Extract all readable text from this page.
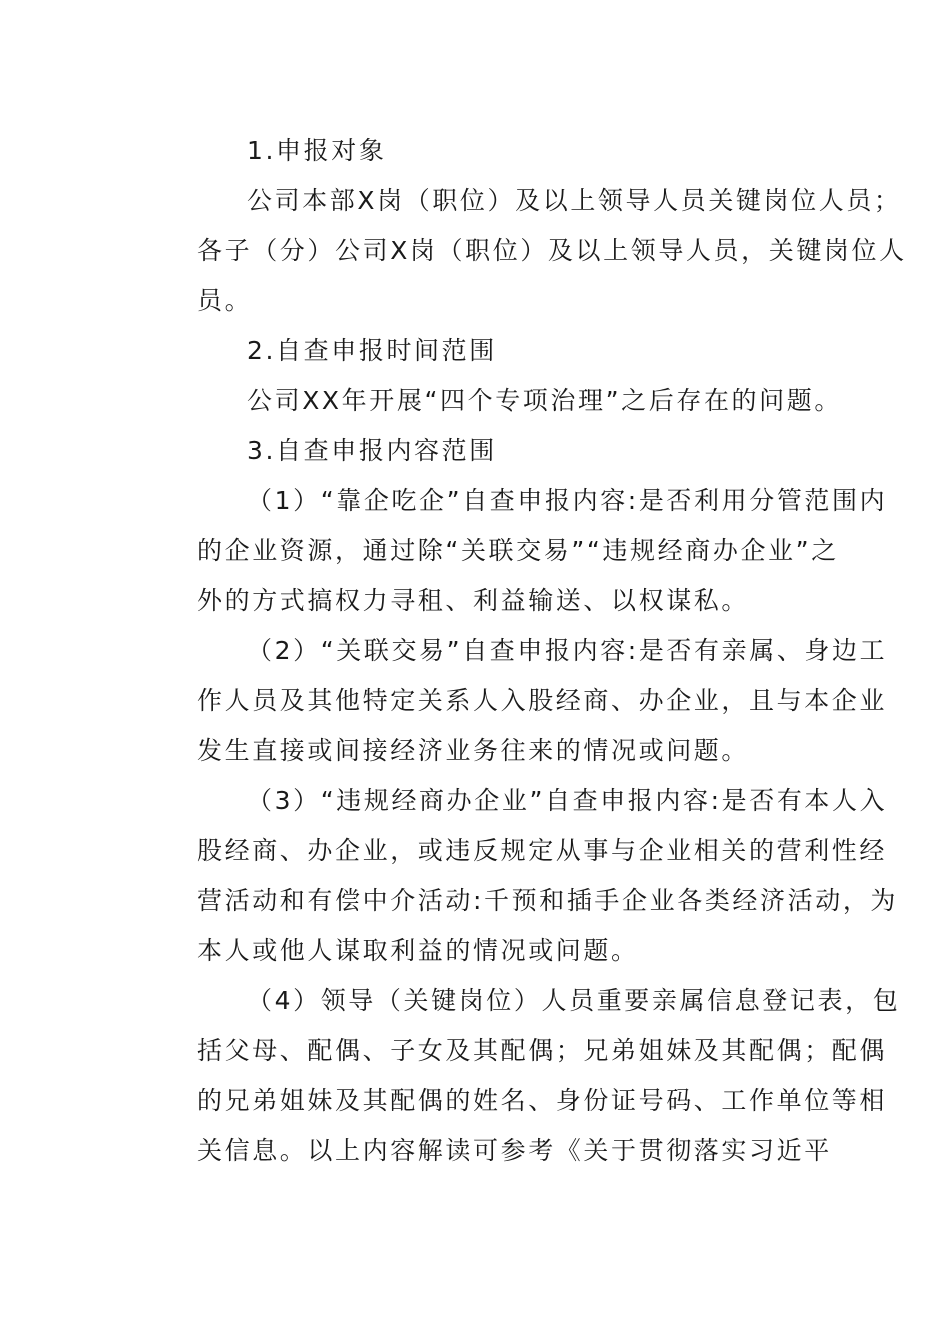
1.申报对象
公司本部X岗（职位）及以上领导人员关键岗位人员；
各子（分）公司X岗（职位）及以上领导人员，关键岗位人
员。
2.自查申报时间范围
公司XX年开展“四个专项治理”之后存在的问题。
3.自查申报内容范围
（1）“靠企吃企”自查申报内容:是否利用分管范围内
的企业资源，通过除“关联交易”“违规经商办企业”之
外的方式搞权力寻租、利益输送、以权谋私。
（2）“关联交易”自查申报内容:是否有亲属、身边工
作人员及其他特定关系人入股经商、办企业，且与本企业
发生直接或间接经济业务往来的情况或问题。
（3）“违规经商办企业”自查申报内容:是否有本人入
股经商、办企业，或违反规定从事与企业相关的营利性经
营活动和有偿中介活动:千预和插手企业各类经济活动，为
本人或他人谋取利益的情况或问题。
（4）领导（关键岗位）人员重要亲属信息登记表，包
括父母、配偶、子女及其配偶；兄弟姐妹及其配偶；配偶
的兄弟姐妹及其配偶的姓名、身份证号码、工作单位等相
关信息。以上内容解读可参考《关于贯彻落实习近平
